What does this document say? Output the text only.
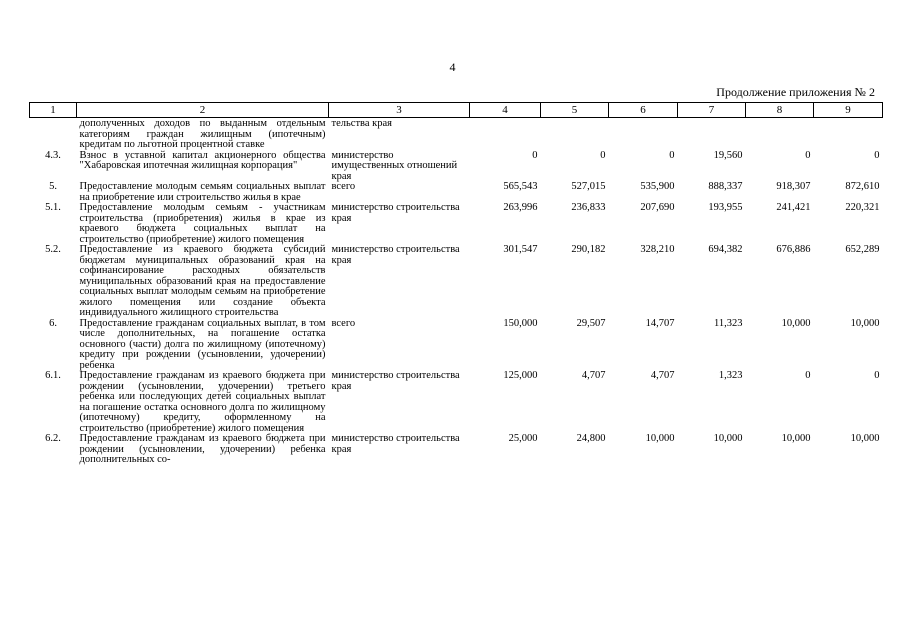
4
Продолжение приложения № 2
1	2	3	4	5	6	7	8	9
	дополученных доходов по выданным отдельным категориям граждан жилищным (ипотечным) кредитам по льготной процентной ставке	тельства края						
4.3.	Взнос в уставной капитал акционерного общества "Хабаровская ипотечная жилищная корпорация"	министерство имущественных отношений края	0	0	0	19,560	0	0
5.	Предоставление молодым семьям социальных выплат на приобретение или строительство жилья в крае	всего	565,543	527,015	535,900	888,337	918,307	872,610
5.1.	Предоставление молодым семьям - участникам строительства (приобретения) жилья в крае из краевого бюджета социальных выплат на строительство (приобретение) жилого помещения	министерство строительства края	263,996	236,833	207,690	193,955	241,421	220,321
5.2.	Предоставление из краевого бюджета субсидий бюджетам муниципальных образований края на софинансирование расходных обязательств муниципальных образований края на предоставление социальных выплат молодым семьям на приобретение жилого помещения или создание объекта индивидуального жилищного строительства	министерство строительства края	301,547	290,182	328,210	694,382	676,886	652,289
6.	Предоставление гражданам социальных выплат, в том числе дополнительных, на погашение остатка основного (части) долга по жилищному (ипотечному) кредиту при рождении (усыновлении, удочерении) ребенка	всего	150,000	29,507	14,707	11,323	10,000	10,000
6.1.	Предоставление гражданам из краевого бюджета при рождении (усыновлении, удочерении) третьего ребенка или последующих детей социальных выплат на погашение остатка основного долга по жилищному (ипотечному) кредиту, оформленному на строительство (приобретение) жилого помещения	министерство строительства края	125,000	4,707	4,707	1,323	0	0
6.2.	Предоставление гражданам из краевого бюджета при рождении (усыновлении, удочерении) ребенка дополнительных со-	министерство строительства края	25,000	24,800	10,000	10,000	10,000	10,000
